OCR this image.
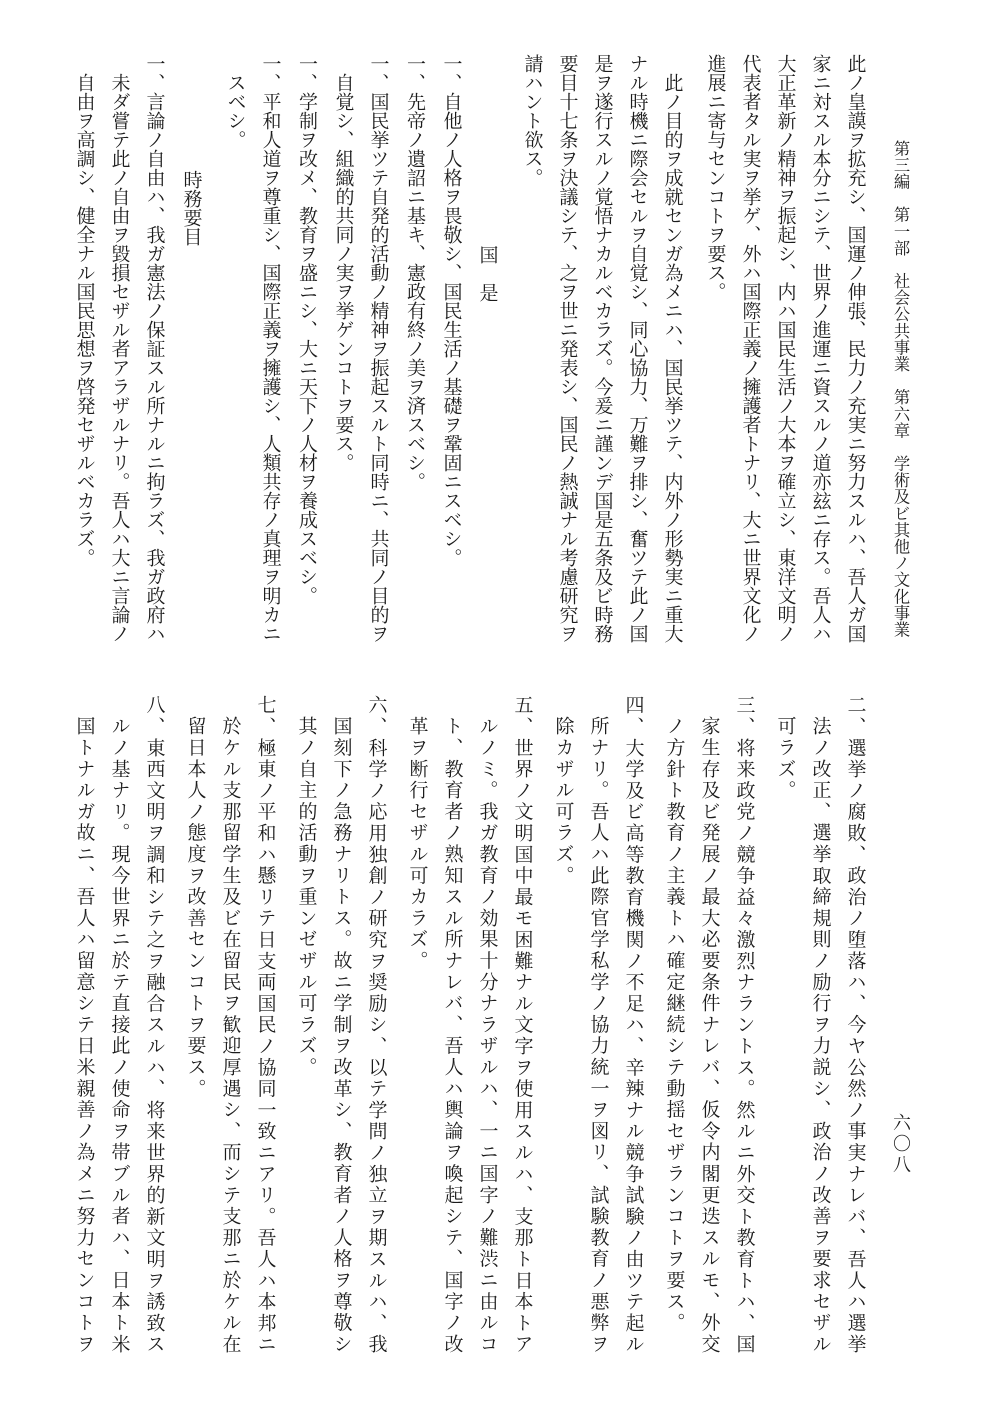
第三編　第一部　社会公共事業　第六章　学術及ビ其他ノ文化事業
六〇八
此ノ皇謨ヲ拡充シ、国運ノ伸張、民力ノ充実ニ努力スルハ、吾人ガ国
家ニ対スル本分ニシテ、世界ノ進運ニ資スルノ道亦玆ニ存ス。吾人ハ
大正革新ノ精神ヲ振起シ、内ハ国民生活ノ大本ヲ確立シ、東洋文明ノ
代表者タル実ヲ挙ゲ、外ハ国際正義ノ擁護者トナリ、大ニ世界文化ノ
進展ニ寄与センコトヲ要ス。
此ノ目的ヲ成就センガ為メニハ、国民挙ツテ、内外ノ形勢実ニ重大
ナル時機ニ際会セルヲ自覚シ、同心協力、万難ヲ排シ、奮ツテ此ノ国
是ヲ遂行スルノ覚悟ナカルベカラズ。今爰ニ謹ンデ国是五条及ビ時務
要目十七条ヲ決議シテ、之ヲ世ニ発表シ、国民ノ熱誠ナル考慮研究ヲ
請ハント欲ス。
国　是
一、自他ノ人格ヲ畏敬シ、国民生活ノ基礎ヲ鞏固ニスベシ。
一、先帝ノ遺詔ニ基キ、憲政有終ノ美ヲ済スベシ。
一、国民挙ツテ自発的活動ノ精神ヲ振起スルト同時ニ、共同ノ目的ヲ
自覚シ、組織的共同ノ実ヲ挙ゲンコトヲ要ス。
一、学制ヲ改メ、教育ヲ盛ニシ、大ニ天下ノ人材ヲ養成スベシ。
一、平和人道ヲ尊重シ、国際正義ヲ擁護シ、人類共存ノ真理ヲ明カニ
スベシ。
時務要目
一、言論ノ自由ハ、我ガ憲法ノ保証スル所ナルニ拘ラズ、我ガ政府ハ
未ダ嘗テ此ノ自由ヲ毀損セザル者アラザルナリ。吾人ハ大ニ言論ノ
自由ヲ高調シ、健全ナル国民思想ヲ啓発セザルベカラズ。
二、選挙ノ腐敗、政治ノ堕落ハ、今ヤ公然ノ事実ナレバ、吾人ハ選挙
法ノ改正、選挙取締規則ノ励行ヲ力説シ、政治ノ改善ヲ要求セザル
可ラズ。
三、将来政党ノ競争益々激烈ナラントス。然ルニ外交ト教育トハ、国
家生存及ビ発展ノ最大必要条件ナレバ、仮令内閣更迭スルモ、外交
ノ方針ト教育ノ主義トハ確定継続シテ動揺セザランコトヲ要ス。
四、大学及ビ高等教育機関ノ不足ハ、辛辣ナル競争試験ノ由ツテ起ル
所ナリ。吾人ハ此際官学私学ノ協力統一ヲ図リ、試験教育ノ悪弊ヲ
除カザル可ラズ。
五、世界ノ文明国中最モ困難ナル文字ヲ使用スルハ、支那ト日本トア
ルノミ。我ガ教育ノ効果十分ナラザルハ、一ニ国字ノ難渋ニ由ルコ
ト、教育者ノ熟知スル所ナレバ、吾人ハ輿論ヲ喚起シテ、国字ノ改
革ヲ断行セザル可カラズ。
六、科学ノ応用独創ノ研究ヲ奨励シ、以テ学問ノ独立ヲ期スルハ、我
国刻下ノ急務ナリトス。故ニ学制ヲ改革シ、教育者ノ人格ヲ尊敬シ
其ノ自主的活動ヲ重ンゼザル可ラズ。
七、極東ノ平和ハ懸リテ日支両国民ノ協同一致ニアリ。吾人ハ本邦ニ
於ケル支那留学生及ビ在留民ヲ歓迎厚遇シ、而シテ支那ニ於ケル在
留日本人ノ態度ヲ改善センコトヲ要ス。
八、東西文明ヲ調和シテ之ヲ融合スルハ、将来世界的新文明ヲ誘致ス
ルノ基ナリ。現今世界ニ於テ直接此ノ使命ヲ帯ブル者ハ、日本ト米
国トナルガ故ニ、吾人ハ留意シテ日米親善ノ為メニ努力センコトヲ
